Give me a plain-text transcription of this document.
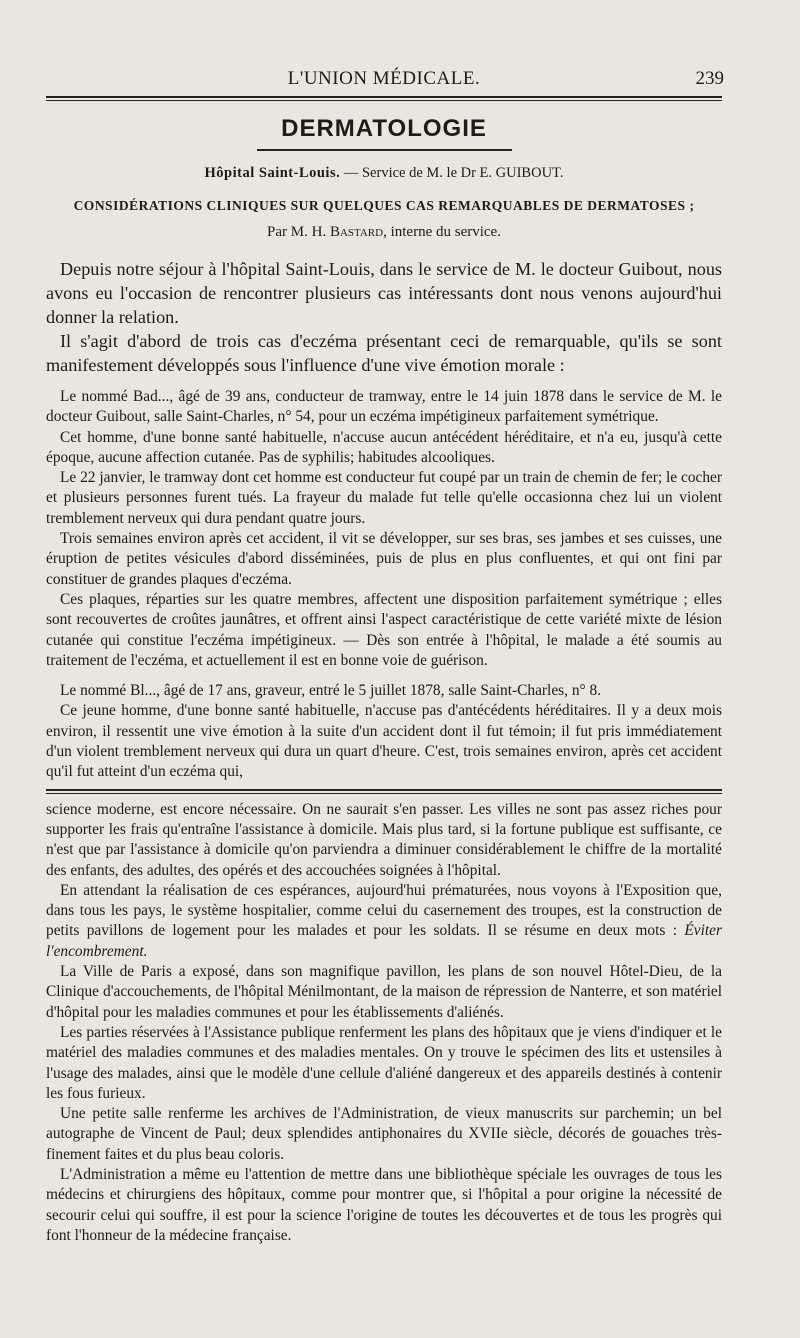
L'UNION MÉDICALE.	239
DERMATOLOGIE
Hôpital Saint-Louis. — Service de M. le Dr E. GUIBOUT.
CONSIDÉRATIONS CLINIQUES SUR QUELQUES CAS REMARQUABLES DE DERMATOSES ;
Par M. H. Bastard, interne du service.

Depuis notre séjour à l'hôpital Saint-Louis, dans le service de M. le docteur Guibout, nous avons eu l'occasion de rencontrer plusieurs cas intéressants dont nous venons aujourd'hui donner la relation.

Il s'agit d'abord de trois cas d'eczéma présentant ceci de remarquable, qu'ils se sont manifestement développés sous l'influence d'une vive émotion morale :

Le nommé Bad..., âgé de 39 ans, conducteur de tramway, entre le 14 juin 1878 dans le service de M. le docteur Guibout, salle Saint-Charles, n° 54, pour un eczéma impétigineux parfaitement symétrique.

Cet homme, d'une bonne santé habituelle, n'accuse aucun antécédent héréditaire, et n'a eu, jusqu'à cette époque, aucune affection cutanée. Pas de syphilis; habitudes alcooliques.

Le 22 janvier, le tramway dont cet homme est conducteur fut coupé par un train de chemin de fer; le cocher et plusieurs personnes furent tués. La frayeur du malade fut telle qu'elle occasionna chez lui un violent tremblement nerveux qui dura pendant quatre jours.

Trois semaines environ après cet accident, il vit se développer, sur ses bras, ses jambes et ses cuisses, une éruption de petites vésicules d'abord disséminées, puis de plus en plus confluentes, et qui ont fini par constituer de grandes plaques d'eczéma.

Ces plaques, réparties sur les quatre membres, affectent une disposition parfaitement symétrique ; elles sont recouvertes de croûtes jaunâtres, et offrent ainsi l'aspect caractéristique de cette variété mixte de lésion cutanée qui constitue l'eczéma impétigineux. — Dès son entrée à l'hôpital, le malade a été soumis au traitement de l'eczéma, et actuellement il est en bonne voie de guérison.

Le nommé Bl..., âgé de 17 ans, graveur, entré le 5 juillet 1878, salle Saint-Charles, n° 8.

Ce jeune homme, d'une bonne santé habituelle, n'accuse pas d'antécédents héréditaires. Il y a deux mois environ, il ressentit une vive émotion à la suite d'un accident dont il fut témoin; il fut pris immédiatement d'un violent tremblement nerveux qui dura un quart d'heure. C'est, trois semaines environ, après cet accident qu'il fut atteint d'un eczéma qui,

science moderne, est encore nécessaire. On ne saurait s'en passer. Les villes ne sont pas assez riches pour supporter les frais qu'entraîne l'assistance à domicile. Mais plus tard, si la fortune publique est suffisante, ce n'est que par l'assistance à domicile qu'on parviendra a diminuer considérablement le chiffre de la mortalité des enfants, des adultes, des opérés et des accouchées soignées à l'hôpital.

En attendant la réalisation de ces espérances, aujourd'hui prématurées, nous voyons à l'Exposition que, dans tous les pays, le système hospitalier, comme celui du casernement des troupes, est la construction de petits pavillons de logement pour les malades et pour les soldats. Il se résume en deux mots : Éviter l'encombrement.

La Ville de Paris a exposé, dans son magnifique pavillon, les plans de son nouvel Hôtel-Dieu, de la Clinique d'accouchements, de l'hôpital Ménilmontant, de la maison de répression de Nanterre, et son matériel d'hôpital pour les maladies communes et pour les établissements d'aliénés.

Les parties réservées à l'Assistance publique renferment les plans des hôpitaux que je viens d'indiquer et le matériel des maladies communes et des maladies mentales. On y trouve le spécimen des lits et ustensiles à l'usage des malades, ainsi que le modèle d'une cellule d'aliéné dangereux et des appareils destinés à contenir les fous furieux.

Une petite salle renferme les archives de l'Administration, de vieux manuscrits sur parchemin; un bel autographe de Vincent de Paul; deux splendides antiphonaires du XVIIe siècle, décorés de gouaches très-finement faites et du plus beau coloris.

L'Administration a même eu l'attention de mettre dans une bibliothèque spéciale les ouvrages de tous les médecins et chirurgiens des hôpitaux, comme pour montrer que, si l'hôpital a pour origine la nécessité de secourir celui qui souffre, il est pour la science l'origine de toutes les découvertes et de tous les progrès qui font l'honneur de la médecine française.
